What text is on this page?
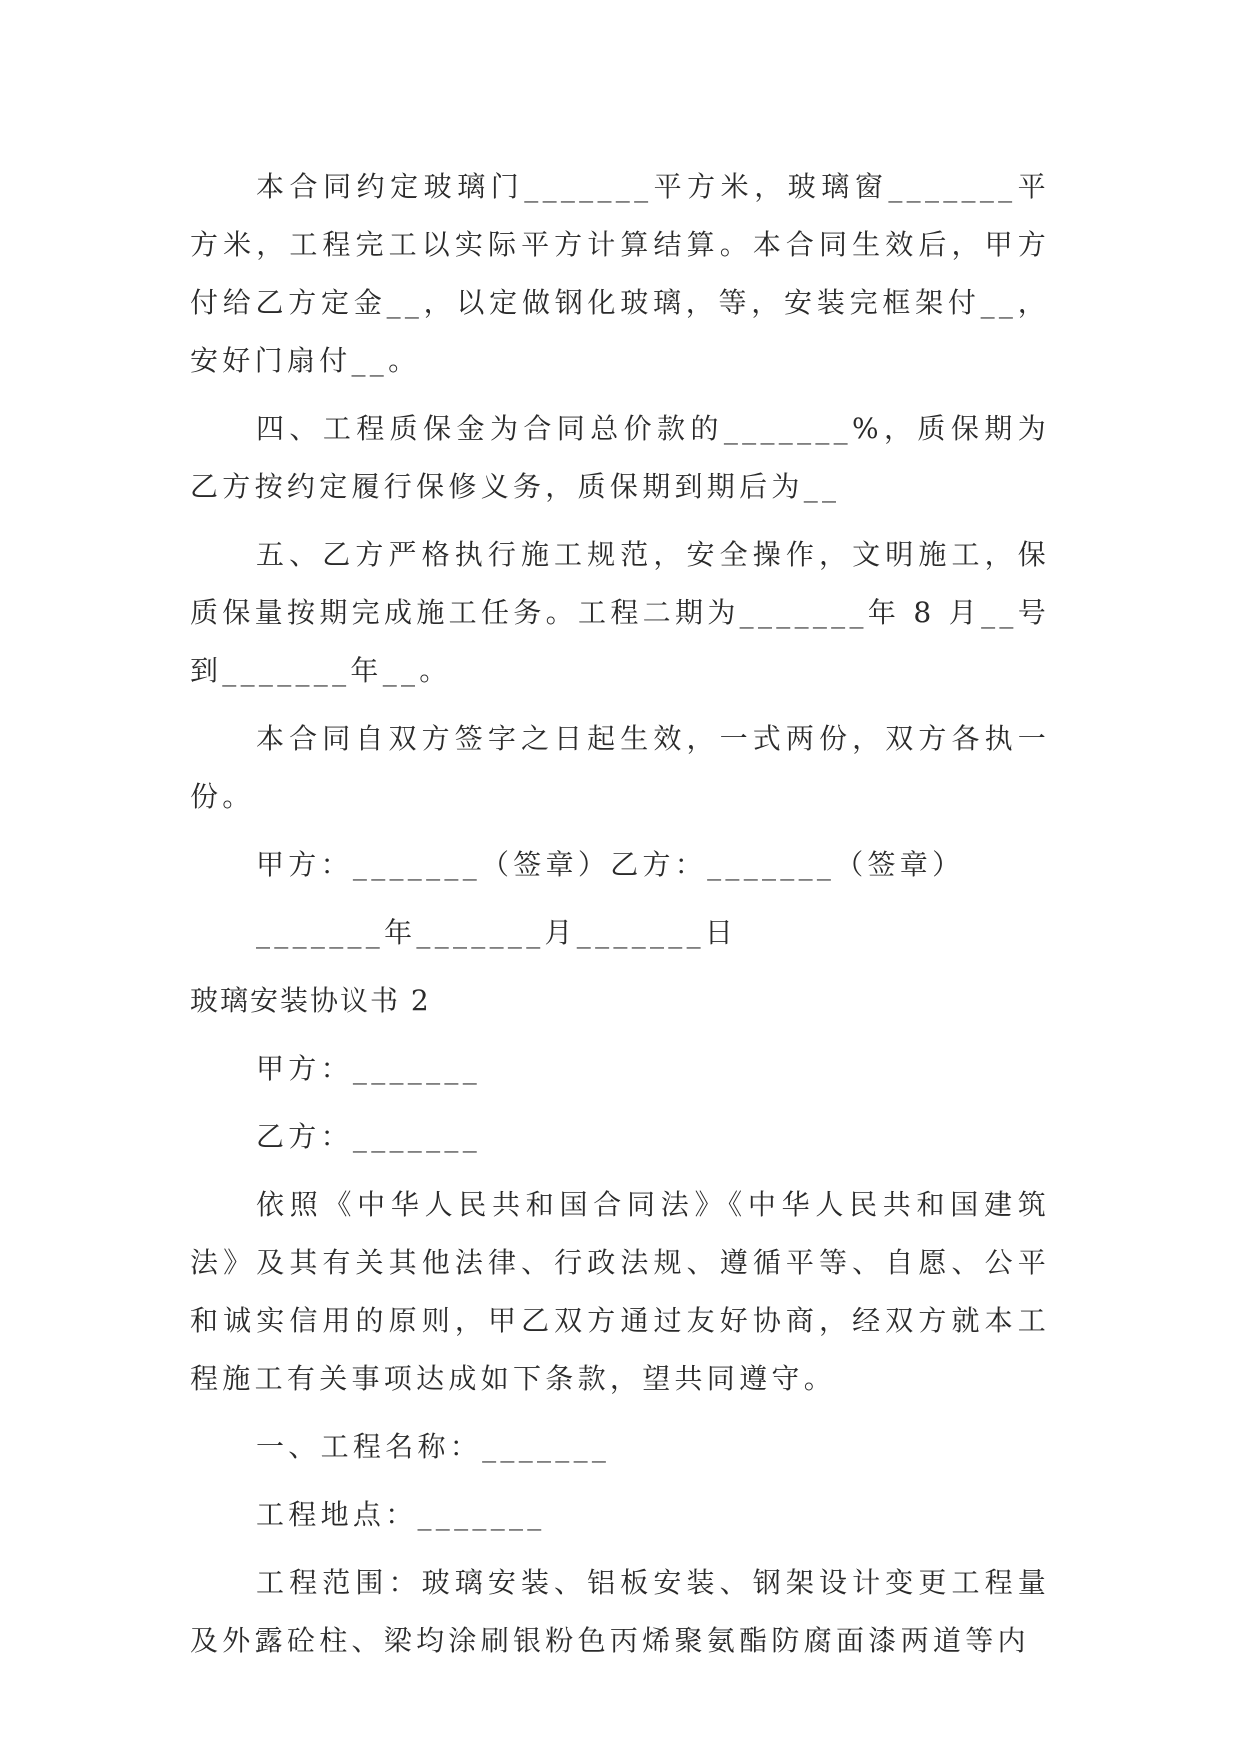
本合同约定玻璃门_______平方米，玻璃窗_______平方米，工程完工以实际平方计算结算。本合同生效后，甲方付给乙方定金__，以定做钢化玻璃，等，安装完框架付__，安好门扇付__。

四、工程质保金为合同总价款的_______%，质保期为乙方按约定履行保修义务，质保期到期后为__

五、乙方严格执行施工规范，安全操作，文明施工，保质保量按期完成施工任务。工程二期为_______年 8 月__号到_______年__。

本合同自双方签字之日起生效，一式两份，双方各执一份。

甲方：_______（签章）乙方：_______（签章）

_______年_______月_______日

玻璃安装协议书 2

甲方：_______

乙方：_______

依照《中华人民共和国合同法》《中华人民共和国建筑法》及其有关其他法律、行政法规、遵循平等、自愿、公平和诚实信用的原则，甲乙双方通过友好协商，经双方就本工程施工有关事项达成如下条款，望共同遵守。

一、工程名称：_______

工程地点：_______

工程范围：玻璃安装、铝板安装、钢架设计变更工程量及外露砼柱、梁均涂刷银粉色丙烯聚氨酯防腐面漆两道等内
